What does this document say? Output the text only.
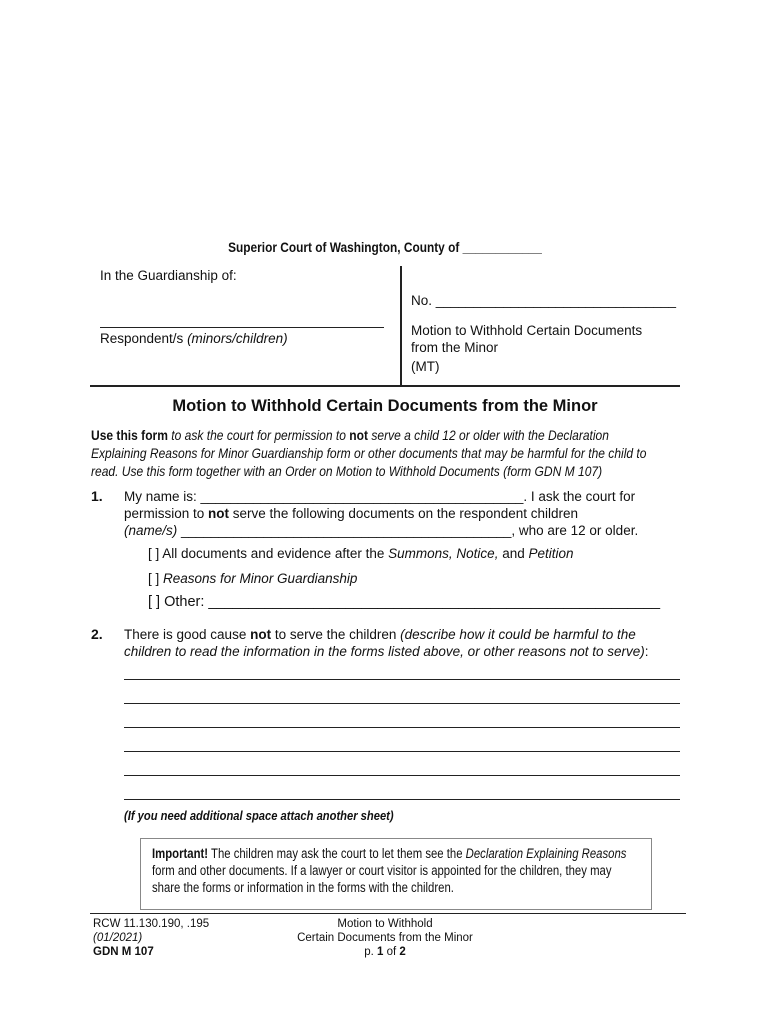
Superior Court of Washington, County of ____________
In the Guardianship of:
No. ________________________________
Respondent/s (minors/children)
Motion to Withhold Certain Documents
from the Minor
(MT)
Motion to Withhold Certain Documents from the Minor
Use this form to ask the court for permission to not serve a child 12 or older with the Declaration
Explaining Reasons for Minor Guardianship form or other documents that may be harmful for the child to
read. Use this form together with an Order on Motion to Withhold Documents (form GDN M 107)
1. My name is: ___________________________________________. I ask the court for
permission to not serve the following documents on the respondent children
(name/s) ____________________________________________, who are 12 or older.
[ ] All documents and evidence after the Summons, Notice, and Petition
[ ] Reasons for Minor Guardianship
[ ] Other: ________________________________________________________
2. There is good cause not to serve the children (describe how it could be harmful to the
children to read the information in the forms listed above, or other reasons not to serve):
(If you need additional space attach another sheet)
Important! The children may ask the court to let them see the Declaration Explaining Reasons
form and other documents. If a lawyer or court visitor is appointed for the children, they may
share the forms or information in the forms with the children.
RCW 11.130.190, .195
(01/2021)
GDN M 107
Motion to Withhold
Certain Documents from the Minor
p. 1 of 2
